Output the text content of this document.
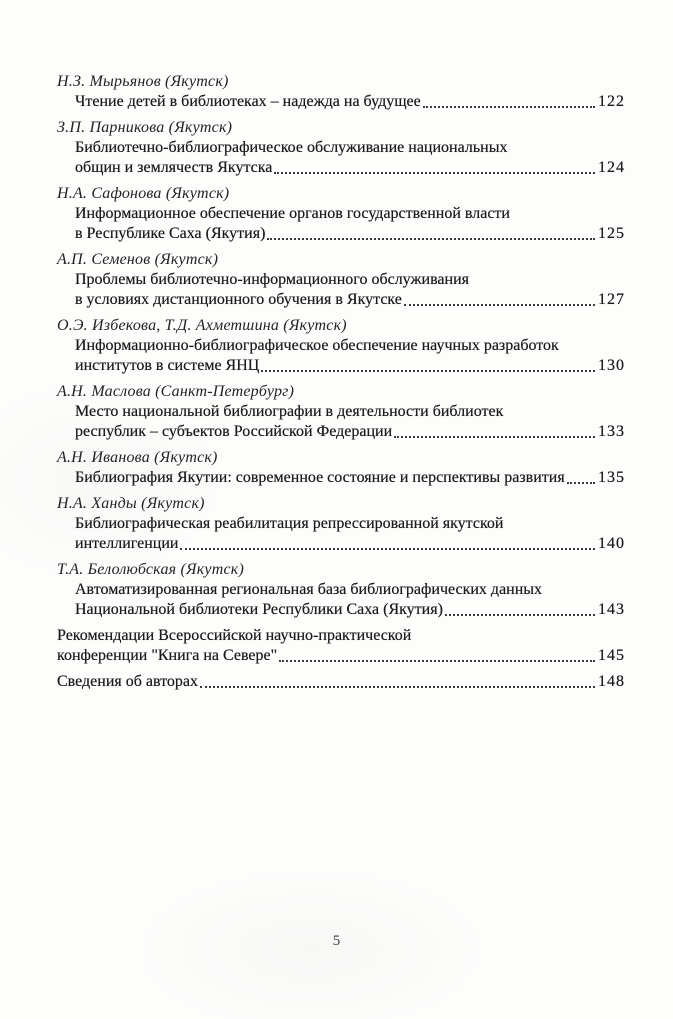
Н.З. Мырьянов (Якутск)
Чтение детей в библиотеках – надежда на будущее	122
З.П. Парникова (Якутск)
Библиотечно-библиографическое обслуживание национальных
общин и землячеств Якутска	124
Н.А. Сафонова (Якутск)
Информационное обеспечение органов государственной власти
в Республике Саха (Якутия)	125
А.П. Семенов (Якутск)
Проблемы библиотечно-информационного обслуживания
в условиях дистанционного обучения в Якутске	127
О.Э. Избекова, Т.Д. Ахметшина (Якутск)
Информационно-библиографическое обеспечение научных разработок
институтов в системе ЯНЦ	130
А.Н. Маслова (Санкт-Петербург)
Место национальной библиографии в деятельности библиотек
республик – субъектов Российской Федерации	133
А.Н. Иванова (Якутск)
Библиография Якутии: современное состояние и перспективы развития 135
Н.А. Ханды (Якутск)
Библиографическая реабилитация репрессированной якутской
интеллигенции	140
Т.А. Белолюбская (Якутск)
Автоматизированная региональная база библиографических данных
Национальной библиотеки Республики Саха (Якутия)	143
Рекомендации Всероссийской научно-практической
конференции "Книга на Севере"	145
Сведения об авторах	148
5
